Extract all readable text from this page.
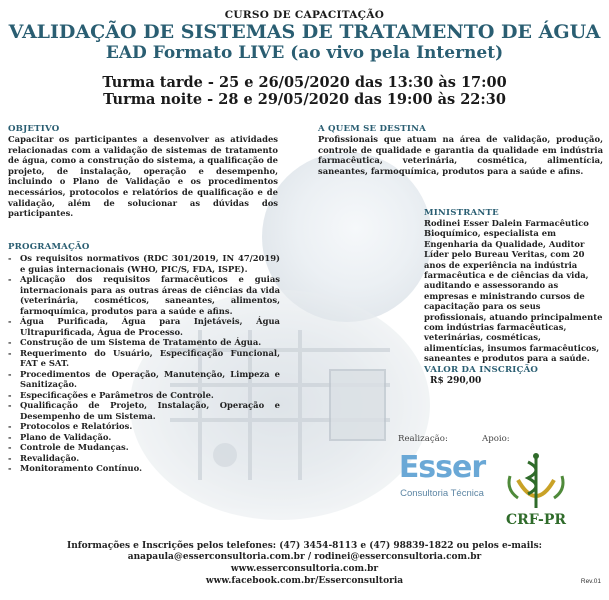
CURSO DE CAPACITAÇÃO
VALIDAÇÃO DE SISTEMAS DE TRATAMENTO DE ÁGUA
EAD Formato LIVE (ao vivo pela Internet)
Turma tarde - 25 e 26/05/2020 das 13:30 às 17:00
Turma noite - 28 e 29/05/2020 das 19:00 às 22:30
OBJETIVO

Capacitar os participantes a desenvolver as atividades relacionadas com a validação de sistemas de tratamento de água, como a construção do sistema, a qualificação de projeto, de instalação, operação e desempenho, incluindo o Plano de Validação e os procedimentos necessários, protocolos e relatórios de qualificação e de validação, além de solucionar as dúvidas dos participantes.

A QUEM SE DESTINA

Profissionais que atuam na área de validação, produção, controle de qualidade e garantia da qualidade em indústria farmacêutica, veterinária, cosmética, alimentícia, saneantes, farmoquímica, produtos para a saúde e afins.

MINISTRANTE

Rodinei Esser Dalein Farmacêutico Bioquímico, especialista em Engenharia da Qualidade, Auditor Líder pelo Bureau Veritas, com 20 anos de experiência na indústria farmacêutica e de ciências da vida, auditando e assessorando as empresas e ministrando cursos de capacitação para os seus profissionais, atuando principalmente com indústrias farmacêuticas, veterinárias, cosméticas, alimentícias, insumos farmacêuticos, saneantes e produtos para a saúde.

PROGRAMAÇÃO
- Os requisitos normativos (RDC 301/2019, IN 47/2019) e guias internacionais (WHO, PIC/S, FDA, ISPE).
- Aplicação dos requisitos farmacêuticos e guias internacionais para as outras áreas de ciências da vida (veterinária, cosméticos, saneantes, alimentos, farmoquímica, produtos para a saúde e afins.
- Água Purificada, Água para Injetáveis, Água Ultrapurificada, Água de Processo.
- Construção de um Sistema de Tratamento de Água.
- Requerimento do Usuário, Especificação Funcional, FAT e SAT.
- Procedimentos de Operação, Manutenção, Limpeza e Sanitização.
- Especificações e Parâmetros de Controle.
- Qualificação de Projeto, Instalação, Operação e Desempenho de um Sistema.
- Protocolos e Relatórios.
- Plano de Validação.
- Controle de Mudanças.
- Revalidação.
- Monitoramento Contínuo.
VALOR DA INSCRIÇÃO
R$ 290,00
Realização:	Apoio:
Esser
Consultoria Técnica
CRF-PR
Informações e Inscrições pelos telefones: (47) 3454-8113 e (47) 98839-1822 ou pelos e-mails:
anapaula@esserconsultoria.com.br / rodinei@esserconsultoria.com.br
www.esserconsultoria.com.br
www.facebook.com.br/Esserconsultoria	Rev.01
